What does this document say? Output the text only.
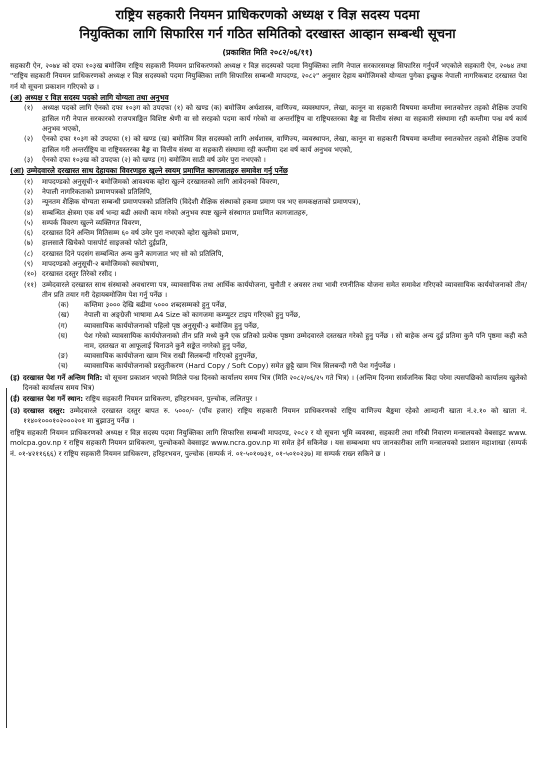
राष्ट्रिय सहकारी नियमन प्राधिकरणको अध्यक्ष र विज्ञ सदस्य पदमा
नियुक्तिका लागि सिफारिस गर्न गठित समितिको दरखास्त आव्हान सम्बन्धी सूचना
(प्रकाशित मिति २०८२/०६/११)
सहकारी ऐन, २०७४ को दफा १०३ख बमोजिम राष्ट्रिय सहकारी नियमन प्राधिकरणको अध्यक्ष र विज्ञ सदस्यको पदमा नियुक्तिका लागि नेपाल सरकारसमक्ष सिफारिस गर्नुपर्ने भएकोले सहकारी ऐन, २०७४ तथा "राष्ट्रिय सहकारी नियमन प्राधिकरणको अध्यक्ष र विज्ञ सदस्यको पदमा नियुक्तिका लागि सिफारिस सम्बन्धी मापदण्ड, २०८२" अनुसार देहाय बमोजिमको योग्यता पुगेका इच्छुक नेपाली नागरिकबाट दरखास्त पेश गर्न यो सूचना प्रकाशन गरिएको छ ।
(अ) अध्यक्ष र विज्ञ सदस्य पदको लागि योग्यता तथा अनुभव
(१)	अध्यक्ष पदको लागि ऐनको दफा १०३ग को उपदफा (१) को खण्ड (क) बमोजिम अर्थशास्त्र, वाणिज्य, व्यवस्थापन, लेखा, कानून वा सहकारी विषयमा कम्तीमा स्नातकोत्तर तहको शैक्षिक उपाधि हासिल गरी नेपाल सरकारको राजपत्राङ्कित विशिष्ट श्रेणी वा सो सरहको पदमा कार्य गरेको वा अन्तर्राष्ट्रिय वा राष्ट्रियस्तरका बैङ्क वा वित्तीय संस्था वा सहकारी संस्थामा रही कम्तीमा पन्ध्र वर्ष कार्य अनुभव भएको,
(२)	ऐनको दफा १०३ग को उपदफा (१) को खण्ड (ख) बमोजिम विज्ञ सदस्यको लागि अर्थशास्त्र, वाणिज्य, व्यवस्थापन, लेखा, कानून वा सहकारी विषयमा कम्तीमा स्नातकोत्तर तहको शैक्षिक उपाधि हासिल गरी अन्तर्राष्ट्रिय वा राष्ट्रियस्तरका बैङ्क वा वित्तीय संस्था वा सहकारी संस्थामा रही कम्तीमा दश वर्ष कार्य अनुभव भएको,
(३)	ऐनको दफा १०३ख को उपदफा (२) को खण्ड (ग) बमोजिम साठी वर्ष उमेर पुरा नभएको ।
(आ) उम्मेदवारले दरखास्त साथ देहायका विवरणहरु खुल्ने स्वयम् प्रमाणित कागजातहरु समावेश गर्नु पर्नेछ
(१)	मापदण्डको अनुसूची-१ बमोजिमको आवश्यक व्होरा खुल्ने दरखास्तको लागि आवेदनको विवरण,
(२)	नेपाली नागरिकताको प्रमाणपत्रको प्रतिलिपि,
(३)	न्यूनतम शैक्षिक योग्यता सम्बन्धी प्रमाणपत्रको प्रतिलिपि (विदेशी शैक्षिक संस्थाको हकमा प्रमाण पत्र भए समकक्षताको प्रमाणपत्र),
(४)	सम्बन्धित क्षेत्रमा एक वर्ष भन्दा बढी अवधी काम गरेको अनुभव स्पष्ट खुल्ने संस्थागत प्रमाणित कागजातहरु,
(५)	सम्पर्क विवरण खुल्ने व्यक्तिगत विवरण,
(६)	दरखास्त दिने अन्तिम मितिसम्म ६० वर्ष उमेर पुरा नभएको व्होरा खुलेको प्रमाण,
(७)	हालसालै खिचेको पासपोर्ट साइजको फोटो दुईप्रति,
(८)	दरखास्त दिने पदसंग सम्बन्धित अन्य कुनै कागजात भए सो को प्रतिलिपि,
(९)	मापदण्डको अनुसूची-२ बमोजिमको स्वःघोषणा,
(१०) दरखास्त दस्तुर तिरेको रसीद ।
(११) उम्मेदवारले दरखास्त साथ संस्थाको अवधारणा पत्र, व्यावसायिक तथा आर्थिक कार्ययोजना, चुनौती र अवसर तथा भावी रणनीतिक योजना समेत समावेश गरिएको व्यावसायिक कार्ययोजनाको तीन/तीन प्रति तयार गरी देहायबमोजिम पेश गर्नु पर्नेछ ।
(क)	कम्तिमा ३००० देखि बढीमा ५००० शब्दसम्मको हुनु पर्नेछ,
(ख)	नेपाली वा अङ्ग्रेजी भाषामा A4 Size को कागजमा कम्प्युटर टाइप गरिएको हुनु पर्नेछ,
(ग)	व्यावसायिक कार्ययोजनाको पहिलो पृष्ठ अनुसूची-३ बमोजिम हुनु पर्नेछ,
(घ)	पेश गरेको व्यावसायिक कार्ययोजनाको तीन प्रति मध्ये कुनै एक प्रतिको प्रत्येक पृष्ठमा उम्मेदवारले दस्तखत गरेको हुनु पर्नेछ । सो बाहेक अन्य दुई प्रतिमा कुनै पनि पृष्ठमा कही कतै नाम, दस्तखत वा आफूलाई चिनाउने कुनै सङ्केत नगरेको हुनु पर्नेछ,
(ङ)	व्यावसायिक कार्ययोजना खाम भित्र राखी सिलबन्दी गरिएको हुनुपर्नेछ,
(च)	व्यावसायिक कार्ययोजनाको प्रस्तुतीकरण (Hard Copy / Soft Copy) समेत छुट्टै खाम भित्र सिलबन्दी गरी पेश गर्नुपर्नेछ ।
(इ) दरखास्त पेश गर्ने अन्तिम मिति: यो सूचना प्रकाशन भएको मितिले पन्ध्र दिनको कार्यालय समय भित्र (मिति २०८२/०६/२५ गते भित्र) । (अन्तिम दिनमा सार्वजनिक बिदा परेमा त्यसपछिको कार्यालय खुलेको दिनको कार्यालय समय भित्र)
(ई) दरखास्त पेश गर्ने स्थान: राष्ट्रिय सहकारी नियमन प्राधिकरण, हरिहरभवन, पुल्चोक, ललितपुर ।
(उ) दरखास्त दस्तुर: उम्मेदवारले दरखास्त दस्तुर बापत रु. ५०००/- (पाँच हजार) राष्ट्रिय सहकारी नियमन प्राधिकरणको राष्ट्रिय वाणिज्य बैङ्कमा रहेको आम्दानी खाता नं.२.१० को खाता नं. ११४०१०००१०२०००२०१ मा बुझाउनु पर्नेछ ।
राष्ट्रिय सहकारी नियमन प्राधिकरणको अध्यक्ष र विज्ञ सदस्य पदमा नियुक्तिका लागि सिफारिस सम्बन्धी मापदण्ड, २०८२ र यो सूचना भूमि व्यवस्था, सहकारी तथा गरिबी निवारण मन्त्रालयको वेबसाइट www. molcpa.gov.np र राष्ट्रिय सहकारी नियमन प्राधिकरण, पुल्चोकको वेबसाइट www.ncra.gov.np मा समेत हेर्न सकिनेछ । यस सम्बन्धमा थप जानकारीका लागि मन्त्रालयको प्रशासन महाशाखा (सम्पर्क नं. ०१-४२११६६६) र राष्ट्रिय सहकारी नियमन प्राधिकरण, हरिहरभवन, पुल्चोक (सम्पर्क नं. ०१-५०१०७३१, ०१-५०१०२३७) मा सम्पर्क राख्न सकिने छ ।
